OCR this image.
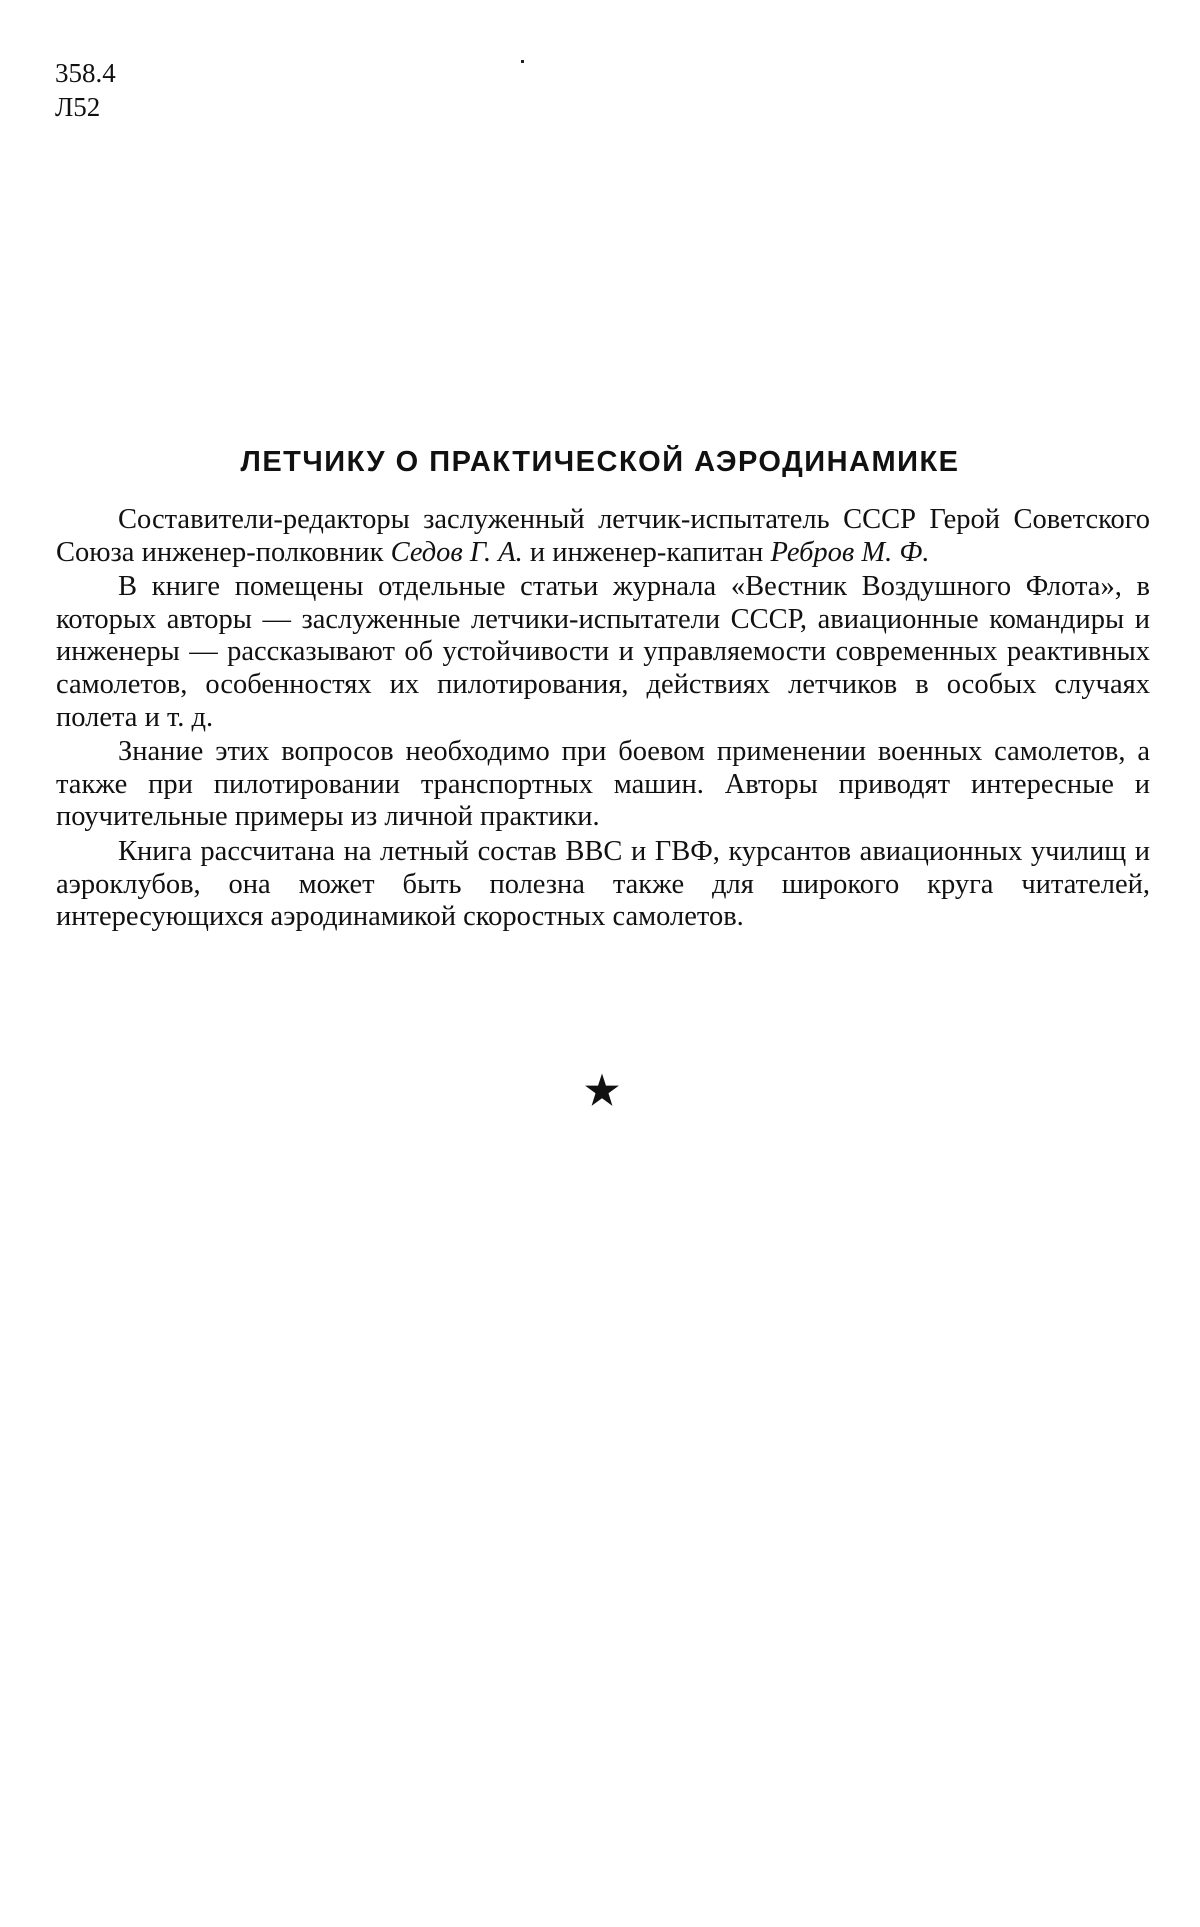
358.4
Л52
ЛЕТЧИКУ О ПРАКТИЧЕСКОЙ АЭРОДИНАМИКЕ

Составители-редакторы заслуженный летчик-испытатель СССР Герой Советского Союза инженер-полковник Седов Г. А. и инженер-капитан Ребров М. Ф.

В книге помещены отдельные статьи журнала «Вестник Воздушного Флота», в которых авторы — заслуженные летчики-испытатели СССР, авиационные командиры и инженеры — рассказывают об устойчивости и управляемости современных реактивных самолетов, особенностях их пилотирования, действиях летчиков в особых случаях полета и т. д.

Знание этих вопросов необходимо при боевом применении военных самолетов, а также при пилотировании транспортных машин. Авторы приводят интересные и поучительные примеры из личной практики.

Книга рассчитана на летный состав ВВС и ГВФ, курсантов авиационных училищ и аэроклубов, она может быть полезна также для широкого круга читателей, интересующихся аэродинамикой скоростных самолетов.
